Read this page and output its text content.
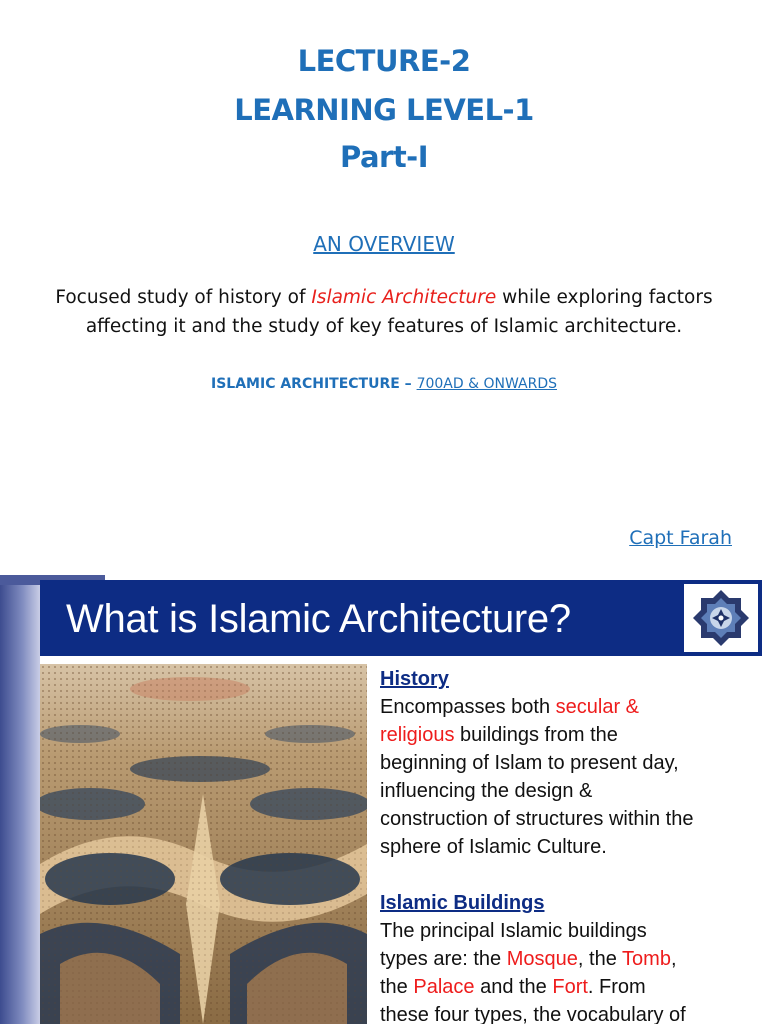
LECTURE-2
LEARNING LEVEL-1
Part-I
AN OVERVIEW
Focused study of history of Islamic Architecture while exploring factors
affecting it and the study of key features of Islamic architecture.
ISLAMIC ARCHITECTURE – 700AD & ONWARDS
Capt Farah
What is Islamic Architecture?

History

Encompasses both secular &

religious buildings from the

beginning of Islam to present day,

influencing the design &

construction of structures within the

sphere of Islamic Culture.

Islamic Buildings

The principal Islamic buildings

types are: the Mosque, the Tomb,

the Palace and the Fort. From

these four types, the vocabulary of
